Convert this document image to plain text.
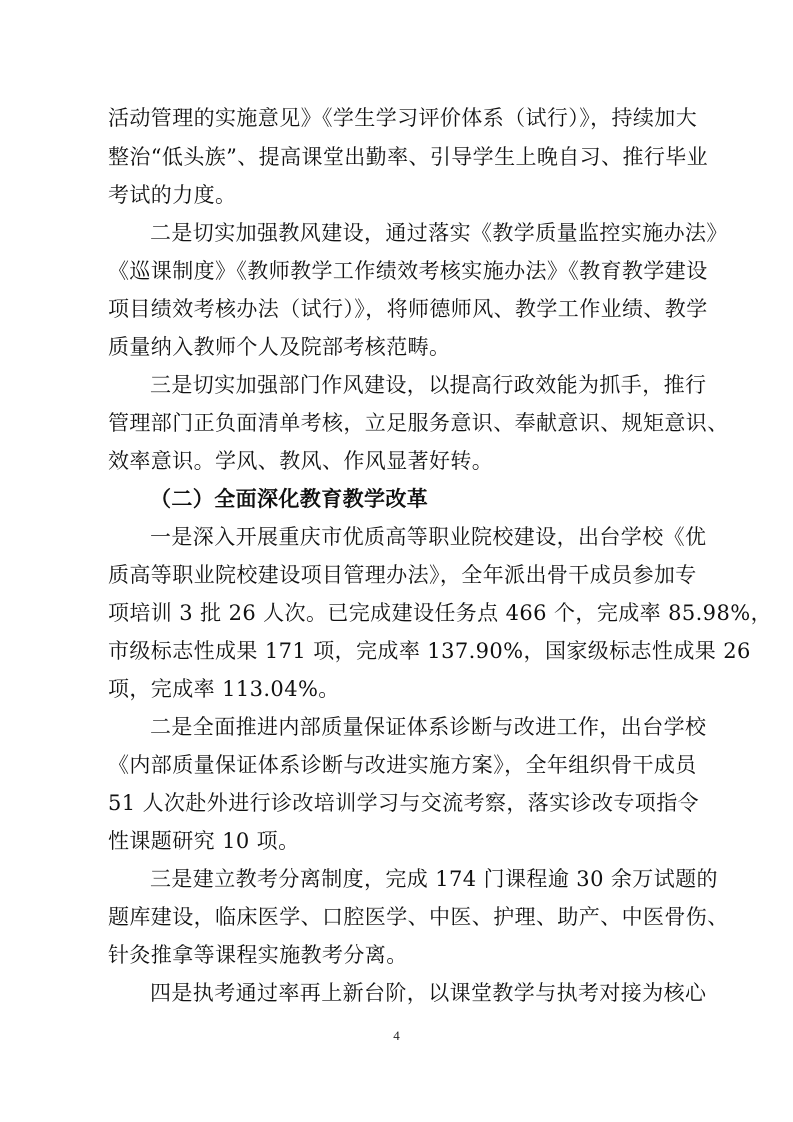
活动管理的实施意见》《学生学习评价体系（试行）》，持续加大
整治“低头族”、提高课堂出勤率、引导学生上晚自习、推行毕业
考试的力度。
二是切实加强教风建设，通过落实《教学质量监控实施办法》
《巡课制度》《教师教学工作绩效考核实施办法》《教育教学建设
项目绩效考核办法（试行）》，将师德师风、教学工作业绩、教学
质量纳入教师个人及院部考核范畴。
三是切实加强部门作风建设，以提高行政效能为抓手，推行
管理部门正负面清单考核，立足服务意识、奉献意识、规矩意识、
效率意识。学风、教风、作风显著好转。
（二）全面深化教育教学改革
一是深入开展重庆市优质高等职业院校建设，出台学校《优
质高等职业院校建设项目管理办法》，全年派出骨干成员参加专
项培训 3 批 26 人次。已完成建设任务点 466 个，完成率 85.98%，
市级标志性成果 171 项，完成率 137.90%，国家级标志性成果 26
项，完成率 113.04%。
二是全面推进内部质量保证体系诊断与改进工作，出台学校
《内部质量保证体系诊断与改进实施方案》，全年组织骨干成员
51 人次赴外进行诊改培训学习与交流考察，落实诊改专项指令
性课题研究 10 项。
三是建立教考分离制度，完成 174 门课程逾 30 余万试题的
题库建设，临床医学、口腔医学、中医、护理、助产、中医骨伤、
针灸推拿等课程实施教考分离。
四是执考通过率再上新台阶，以课堂教学与执考对接为核心
4
